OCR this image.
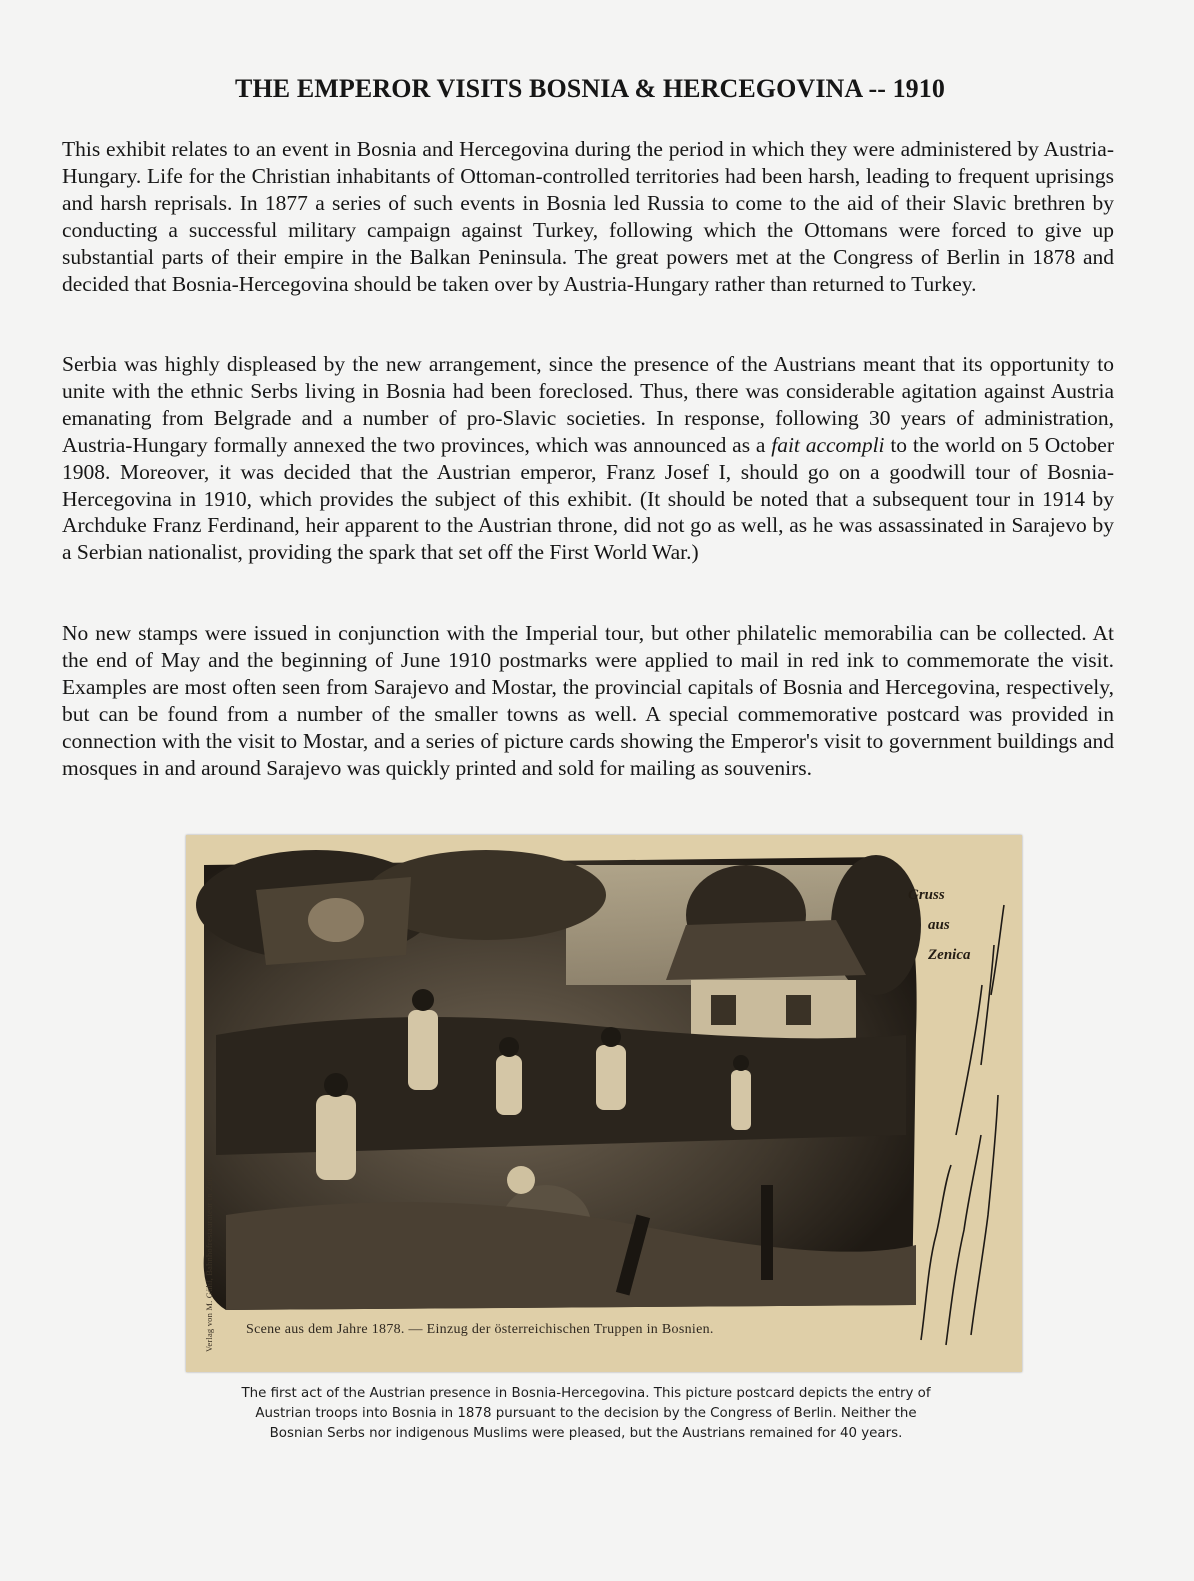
THE EMPEROR VISITS BOSNIA & HERCEGOVINA -- 1910

This exhibit relates to an event in Bosnia and Hercegovina during the period in which they were administered by Austria-Hungary. Life for the Christian inhabitants of Ottoman-controlled territories had been harsh, leading to frequent uprisings and harsh reprisals. In 1877 a series of such events in Bosnia led Russia to come to the aid of their Slavic brethren by conducting a successful military campaign against Turkey, following which the Ottomans were forced to give up substantial parts of their empire in the Balkan Peninsula. The great powers met at the Congress of Berlin in 1878 and decided that Bosnia-Hercegovina should be taken over by Austria-Hungary rather than returned to Turkey.

Serbia was highly displeased by the new arrangement, since the presence of the Austrians meant that its opportunity to unite with the ethnic Serbs living in Bosnia had been foreclosed. Thus, there was considerable agitation against Austria emanating from Belgrade and a number of pro-Slavic societies. In response, following 30 years of administration, Austria-Hungary formally annexed the two provinces, which was announced as a fait accompli to the world on 5 October 1908. Moreover, it was decided that the Austrian emperor, Franz Josef I, should go on a goodwill tour of Bosnia-Hercegovina in 1910, which provides the subject of this exhibit. (It should be noted that a subsequent tour in 1914 by Archduke Franz Ferdinand, heir apparent to the Austrian throne, did not go as well, as he was assassinated in Sarajevo by a Serbian nationalist, providing the spark that set off the First World War.)

No new stamps were issued in conjunction with the Imperial tour, but other philatelic memorabilia can be collected. At the end of May and the beginning of June 1910 postmarks were applied to mail in red ink to commemorate the visit. Examples are most often seen from Sarajevo and Mostar, the provincial capitals of Bosnia and Hercegovina, respectively, but can be found from a number of the smaller towns as well. A special commemorative postcard was provided in connection with the visit to Mostar, and a series of picture cards showing the Emperor's visit to government buildings and mosques in and around Sarajevo was quickly printed and sold for mailing as souvenirs.

Gruss
aus
Zenica
Scene aus dem Jahre 1878. — Einzug der österreichischen Truppen in Bosnien.
Verlag von M. Gühl, Bahnhofrestaurateur in Zenica
The first act of the Austrian presence in Bosnia-Hercegovina. This picture postcard depicts the entry of
Austrian troops into Bosnia in 1878 pursuant to the decision by the Congress of Berlin. Neither the
Bosnian Serbs nor indigenous Muslims were pleased, but the Austrians remained for 40 years.
